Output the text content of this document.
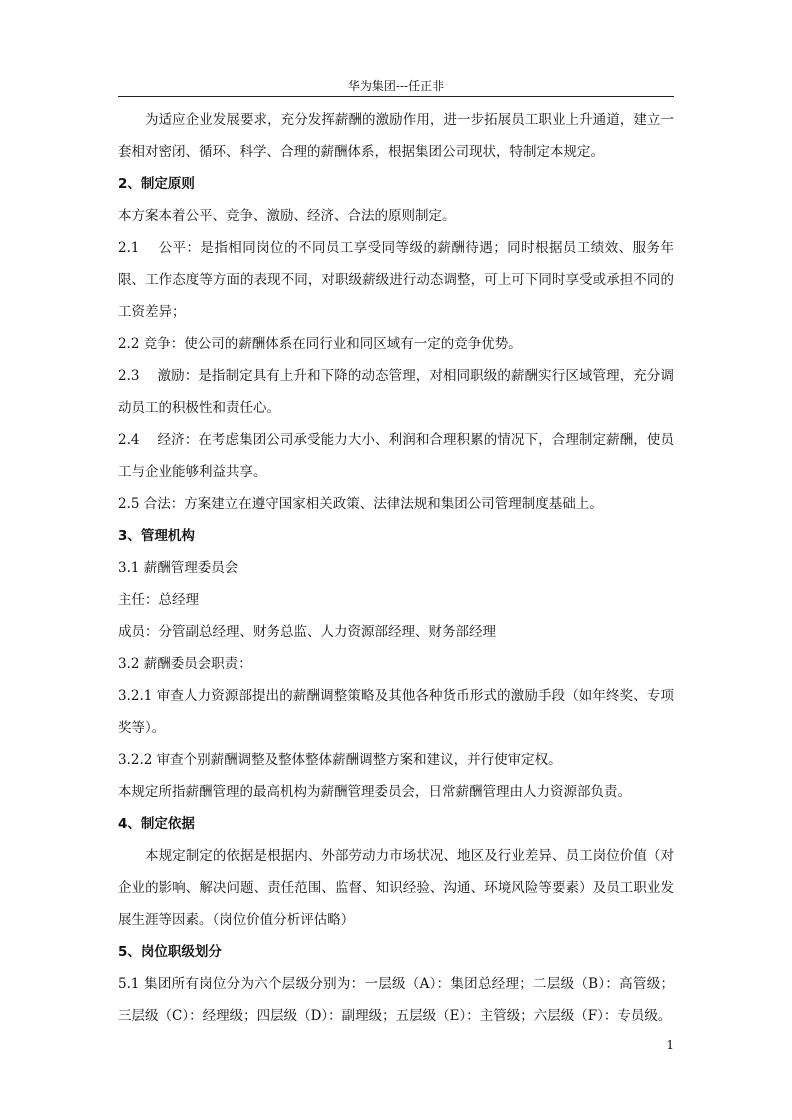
华为集团---任正非

为适应企业发展要求，充分发挥薪酬的激励作用，进一步拓展员工职业上升通道，建立一套相对密闭、循环、科学、合理的薪酬体系，根据集团公司现状，特制定本规定。

2、制定原则

本方案本着公平、竞争、激励、经济、合法的原则制定。

2.1　 公平：是指相同岗位的不同员工享受同等级的薪酬待遇；同时根据员工绩效、服务年限、工作态度等方面的表现不同，对职级薪级进行动态调整，可上可下同时享受或承担不同的工资差异；

2.2 竞争：使公司的薪酬体系在同行业和同区域有一定的竞争优势。

2.3　 激励：是指制定具有上升和下降的动态管理，对相同职级的薪酬实行区域管理，充分调动员工的积极性和责任心。

2.4　 经济：在考虑集团公司承受能力大小、利润和合理积累的情况下，合理制定薪酬，使员工与企业能够利益共享。

2.5 合法：方案建立在遵守国家相关政策、法律法规和集团公司管理制度基础上。

3、管理机构

3.1 薪酬管理委员会

主任：总经理

成员：分管副总经理、财务总监、人力资源部经理、财务部经理

3.2 薪酬委员会职责：

3.2.1 审查人力资源部提出的薪酬调整策略及其他各种货币形式的激励手段（如年终奖、专项奖等）。

3.2.2 审查个别薪酬调整及整体整体薪酬调整方案和建议，并行使审定权。

本规定所指薪酬管理的最高机构为薪酬管理委员会，日常薪酬管理由人力资源部负责。

4、制定依据

本规定制定的依据是根据内、外部劳动力市场状况、地区及行业差异、员工岗位价值（对企业的影响、解决问题、责任范围、监督、知识经验、沟通、环境风险等要素）及员工职业发展生涯等因素。（岗位价值分析评估略）

5、岗位职级划分

5.1 集团所有岗位分为六个层级分别为：一层级（A）：集团总经理；二层级（B）：高管级；三层级（C）：经理级；四层级（D）：副理级；五层级（E）：主管级；六层级（F）：专员级。

1
